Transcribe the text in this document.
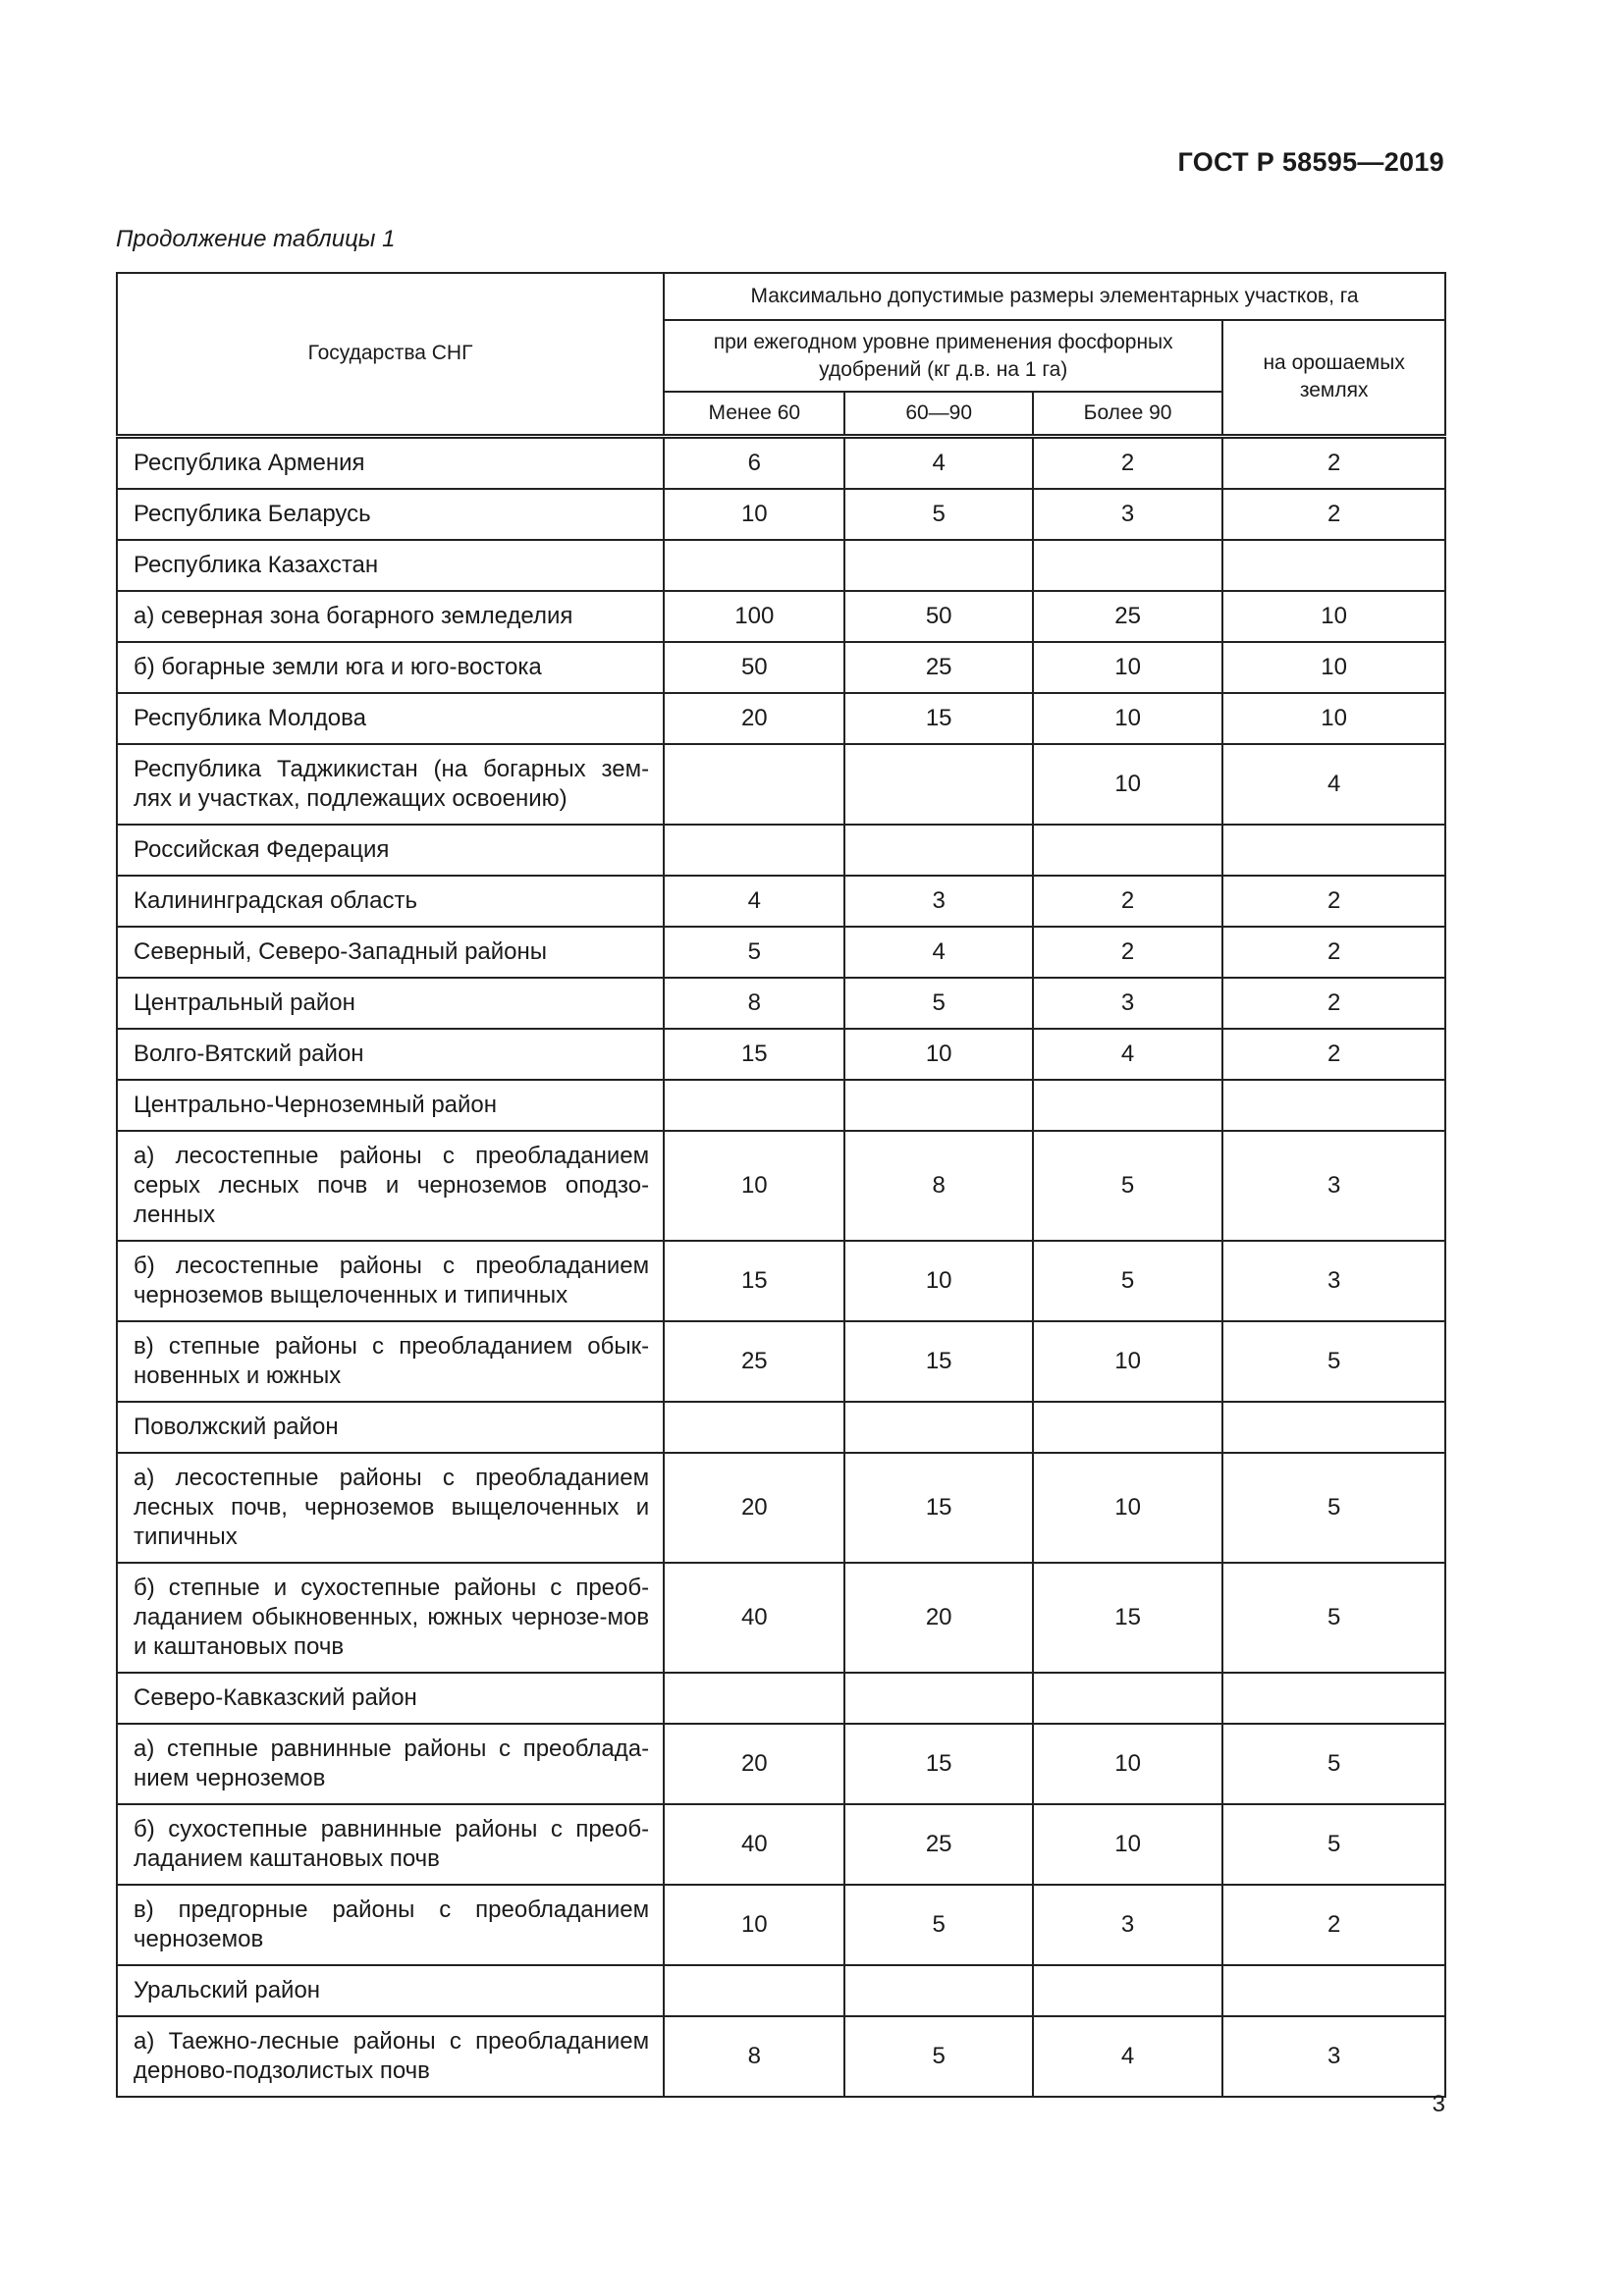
ГОСТ Р 58595—2019
Продолжение таблицы 1
Государства СНГ	Максимально допустимые размеры элементарных участков, га			
	при ежегодном уровне применения фосфорных удобрений (кг д.в. на 1 га)			на орошаемых землях
	Менее 60	60—90	Более 90	
Республика Армения	6	4	2	2
Республика Беларусь	10	5	3	2
Республика Казахстан				
а) северная зона богарного земледелия	100	50	25	10
б) богарные земли юга и юго-востока	50	25	10	10
Республика Молдова	20	15	10	10
Республика Таджикистан (на богарных зем-лях и участках, подлежащих освоению)			10	4
Российская Федерация				
Калининградская область	4	3	2	2
Северный, Северо-Западный районы	5	4	2	2
Центральный район	8	5	3	2
Волго-Вятский район	15	10	4	2
Центрально-Черноземный район				
а) лесостепные районы с преобладанием серых лесных почв и черноземов оподзо-ленных	10	8	5	3
б) лесостепные районы с преобладанием черноземов выщелоченных и типичных	15	10	5	3
в) степные районы с преобладанием обык-новенных и южных	25	15	10	5
Поволжский район				
а) лесостепные районы с преобладанием лесных почв, черноземов выщелоченных и типичных	20	15	10	5
б) степные и сухостепные районы с преоб-ладанием обыкновенных, южных чернозе-мов и каштановых почв	40	20	15	5
Северо-Кавказский район				
а) степные равнинные районы с преоблада-нием черноземов	20	15	10	5
б) сухостепные равнинные районы с преоб-ладанием каштановых почв	40	25	10	5
в) предгорные районы с преобладанием черноземов	10	5	3	2
Уральский район				
а) Таежно-лесные районы с преобладанием дерново-подзолистых почв	8	5	4	3
3
